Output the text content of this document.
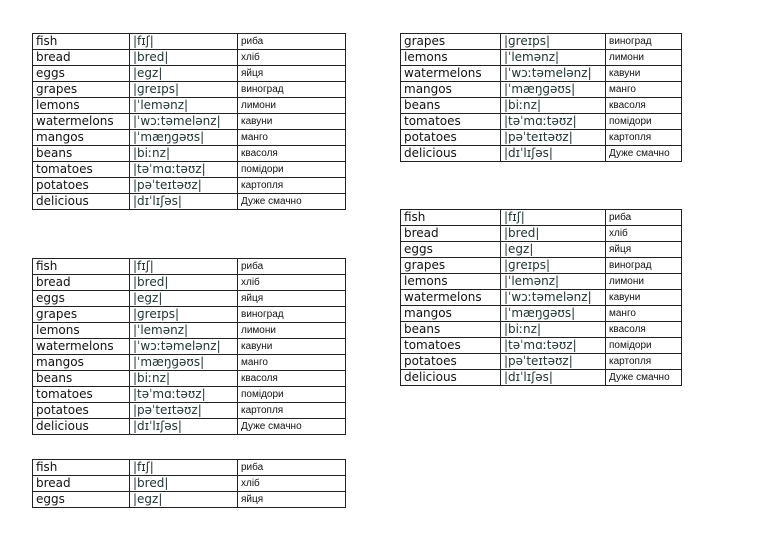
fish	|fɪʃ|	риба
bread	|bred|	хліб
eggs	|egz|	яйця
grapes	|ɡreɪps|	виноград
lemons	|ˈlemənz|	лимони
watermelons	|ˈwɔːtəmelənz|	кавуни
mangos	|ˈmæŋɡəʊs|	манго
beans	|biːnz|	квасоля
tomatoes	|təˈmɑːtəʊz|	помідори
potatoes	|pəˈteɪtəʊz|	картопля
delicious	|dɪˈlɪʃəs|	Дуже смачно
grapes	|ɡreɪps|	виноград
lemons	|ˈlemənz|	лимони
watermelons	|ˈwɔːtəmelənz|	кавуни
mangos	|ˈmæŋɡəʊs|	манго
beans	|biːnz|	квасоля
tomatoes	|təˈmɑːtəʊz|	помідори
potatoes	|pəˈteɪtəʊz|	картопля
delicious	|dɪˈlɪʃəs|	Дуже смачно
fish	|fɪʃ|	риба
bread	|bred|	хліб
eggs	|egz|	яйця
grapes	|ɡreɪps|	виноград
lemons	|ˈlemənz|	лимони
watermelons	|ˈwɔːtəmelənz|	кавуни
mangos	|ˈmæŋɡəʊs|	манго
beans	|biːnz|	квасоля
tomatoes	|təˈmɑːtəʊz|	помідори
potatoes	|pəˈteɪtəʊz|	картопля
delicious	|dɪˈlɪʃəs|	Дуже смачно
fish	|fɪʃ|	риба
bread	|bred|	хліб
eggs	|egz|	яйця
grapes	|ɡreɪps|	виноград
lemons	|ˈlemənz|	лимони
watermelons	|ˈwɔːtəmelənz|	кавуни
mangos	|ˈmæŋɡəʊs|	манго
beans	|biːnz|	квасоля
tomatoes	|təˈmɑːtəʊz|	помідори
potatoes	|pəˈteɪtəʊz|	картопля
delicious	|dɪˈlɪʃəs|	Дуже смачно
fish	|fɪʃ|	риба
bread	|bred|	хліб
eggs	|egz|	яйця
